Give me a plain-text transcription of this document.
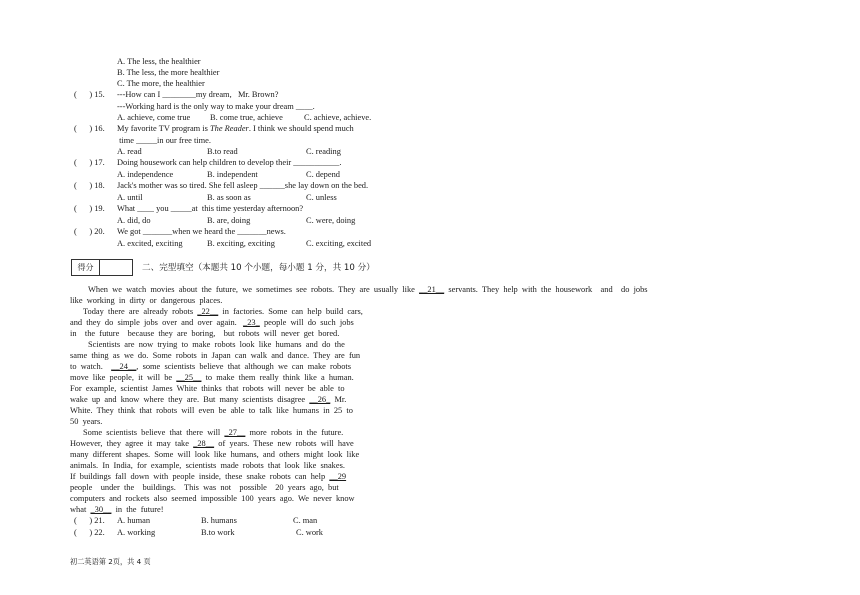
A. The less, the healthier
B. The less, the more healthier
C. The more, the healthier
(      ) 15. ---How can I ________my dream,   Mr. Brown?
---Working hard is the only way to make your dream ____.
A. achieve, come true B. come true, achieve	C. achieve, achieve.
(      ) 16. My favorite TV program is The Reader. I think we should spend much
time _____in our free time.
A. read	B.to read	C. reading
(      ) 17. Doing housework can help children to develop their ___________.
A. independence	B. independent	C. depend
(      ) 18. Jack's mother was so tired. She fell asleep ______she lay down on the bed.
A. until	B. as soon as	C. unless
(      ) 19. What ____ you _____at  this time yesterday afternoon?
A. did, do	B. are, doing	C. were, doing
(      ) 20. We got _______when we heard the _______news.
A. excited, exciting	B. exciting, exciting	C. exciting, excited
得分	二、完型填空（本题共 10 个小题，每小题 1 分，共 10 分）
When  we  watch  movies  about  the  future,  we  sometimes  see  robots.  They  are  usually  like  __21__  servants.  They  help  with  the  housework    and    do  jobs
like  working  in  dirty  or  dangerous  places.
Today  there  are  already  robots  _22__  in  factories.  Some  can  help  build  cars,
and  they  do  simple  jobs  over  and  over  again.   _23_  people  will  do  such  jobs
in    the  future    because  they  are  boring,    but  robots  will  never  get  bored.
Scientists  are  now  trying  to  make  robots  look  like  humans  and  do  the
same  thing  as  we  do.  Some  robots  in  Japan  can  walk  and  dance.  They  are  fun
to  watch.    __24__,  some  scientists  believe  that  although  we  can  make  robots
move  like  people,  it  will  be  __25__  to  make  them  really  think  like  a  human.
For  example,  scientist  James  White  thinks  that  robots  will  never  be  able  to
wake  up  and  know  where  they  are.  But  many  scientists  disagree  __26_  Mr.
White.  They  think  that  robots  will  even  be  able  to  talk  like  humans  in  25  to
50  years.
Some  scientists  believe  that  there  will  _27__  more  robots  in  the  future.
However,  they  agree  it  may  take  _28__  of  years.  These  new  robots  will  have
many  different  shapes.  Some  will  look  like  humans,  and  others  might  look  like
animals.  In  India,  for  example,  scientists  made  robots  that  look  like  snakes.
If  buildings  fall  down  with  people  inside,  these  snake  robots  can  help  __29
people    under  the    buildings.    This  was  not    possible    20  years  ago,  but
computers  and  rockets  also  seemed  impossible  100  years  ago.  We  never  know
what  _30__  in  the  future!
(      ) 21. A. human	B. humans	C. man
(      ) 22. A. working	B.to work	C. work
初二英语第 2页，共 4 页
